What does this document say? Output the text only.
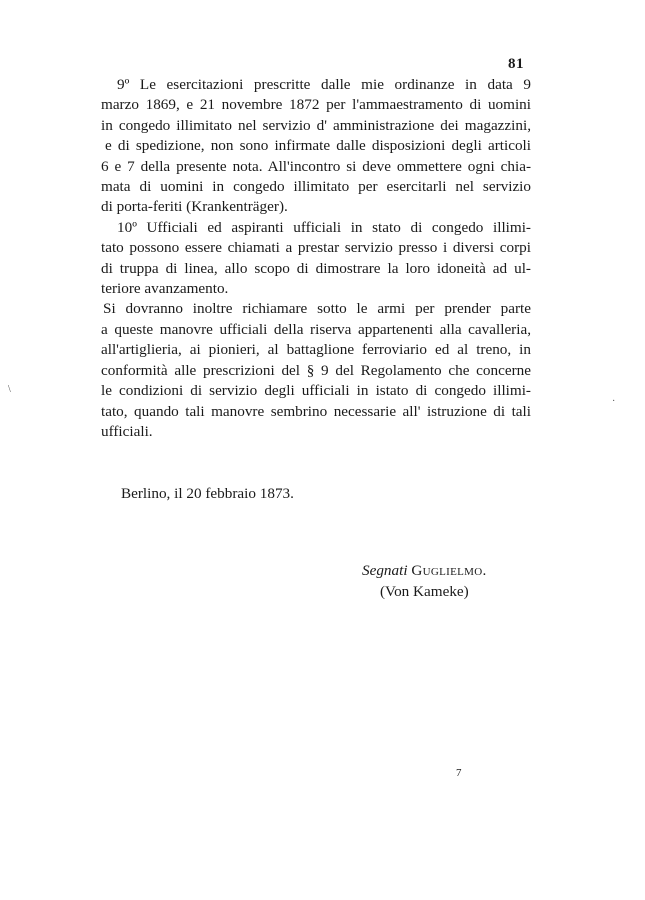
81
9º Le esercitazioni prescritte dalle mie ordinanze in data 9
marzo 1869, e 21 novembre 1872 per l'ammaestramento di uomini
in congedo illimitato nel servizio d' amministrazione dei magazzini,
e di spedizione, non sono infirmate dalle disposizioni degli articoli
6 e 7 della presente nota. All'incontro si deve ommettere ogni chia-
mata di uomini in congedo illimitato per esercitarli nel servizio
di porta-feriti (Krankenträger).
10º Ufficiali ed aspiranti ufficiali in stato di congedo illimi-
tato possono essere chiamati a prestar servizio presso i diversi corpi
di truppa di linea, allo scopo di dimostrare la loro idoneità ad ul-
teriore avanzamento.
Si dovranno inoltre richiamare sotto le armi per prender parte
a queste manovre ufficiali della riserva appartenenti alla cavalleria,
all'artiglieria, ai pionieri, al battaglione ferroviario ed al treno, in
conformità alle prescrizioni del § 9 del Regolamento che concerne
le condizioni di servizio degli ufficiali in istato di congedo illimi-
tato, quando tali manovre sembrino necessarie all' istruzione di tali
ufficiali.
Berlino, il 20 febbraio 1873.
Segnati Guglielmo.
(Von Kameke)
7
\
·
